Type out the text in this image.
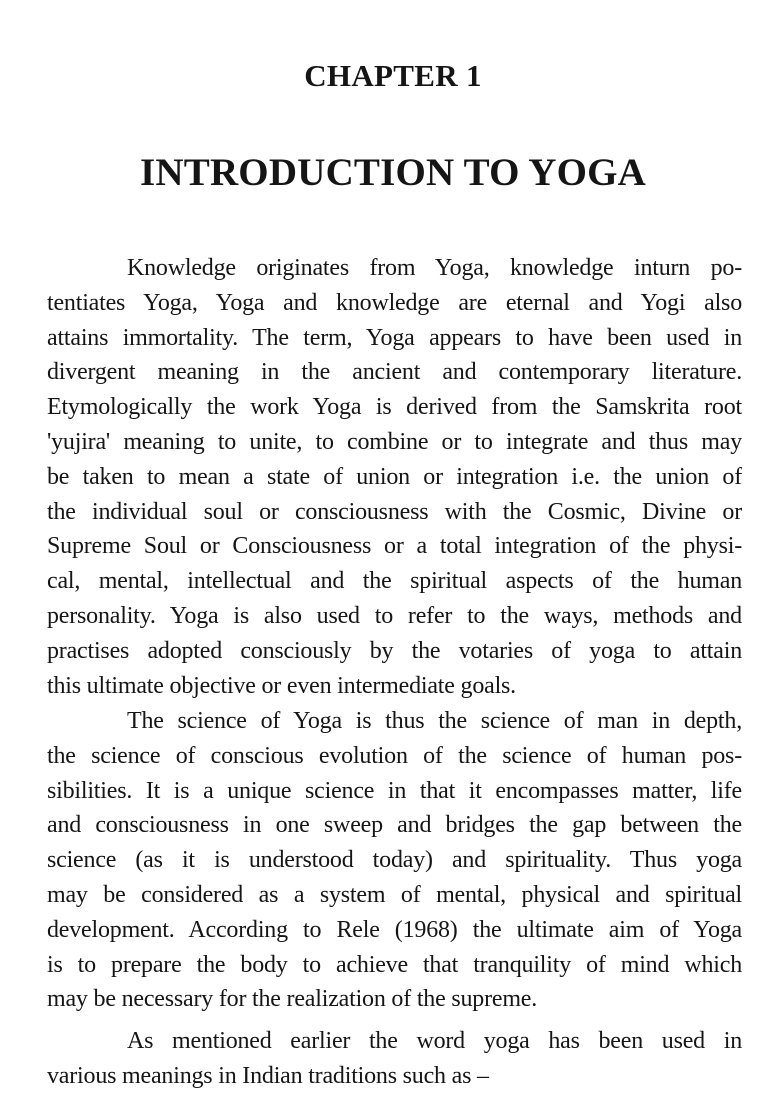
CHAPTER 1
INTRODUCTION TO YOGA
Knowledge originates from Yoga, knowledge inturn po-
tentiates Yoga, Yoga and knowledge are eternal and Yogi also
attains immortality. The term, Yoga appears to have been used in
divergent meaning in the ancient and contemporary literature.
Etymologically the work Yoga is derived from the Samskrita root
'yujira' meaning to unite, to combine or to integrate and thus may
be taken to mean a state of union or integration i.e. the union of
the individual soul or consciousness with the Cosmic, Divine or
Supreme Soul or Consciousness or a total integration of the physi-
cal, mental, intellectual and the spiritual aspects of the human
personality. Yoga is also used to refer to the ways, methods and
practises adopted consciously by the votaries of yoga to attain
this ultimate objective or even intermediate goals.
The science of Yoga is thus the science of man in depth,
the science of conscious evolution of the science of human pos-
sibilities. It is a unique science in that it encompasses matter, life
and consciousness in one sweep and bridges the gap between the
science (as it is understood today) and spirituality. Thus yoga
may be considered as a system of mental, physical and spiritual
development. According to Rele (1968) the ultimate aim of Yoga
is to prepare the body to achieve that tranquility of mind which
may be necessary for the realization of the supreme.
As mentioned earlier the word yoga has been used in
various meanings in Indian traditions such as –
